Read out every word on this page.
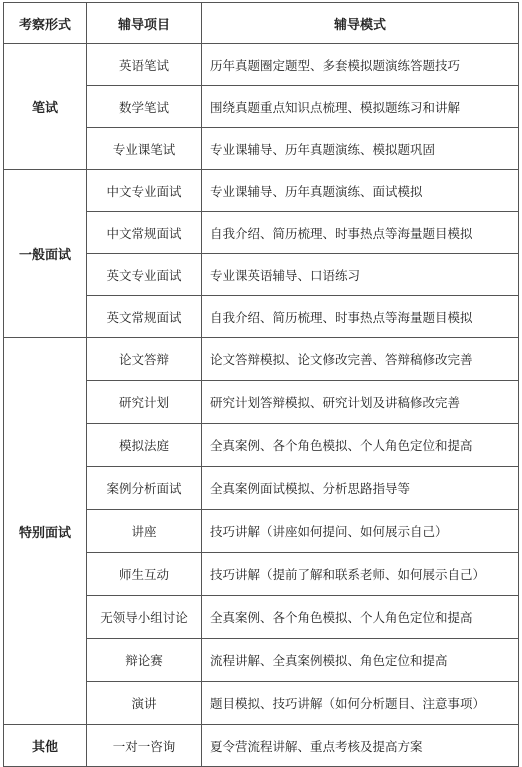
考察形式	辅导项目	辅导模式
笔试	英语笔试	历年真题圈定题型、多套模拟题演练答题技巧
	数学笔试	围绕真题重点知识点梳理、模拟题练习和讲解
	专业课笔试	专业课辅导、历年真题演练、模拟题巩固
一般面试	中文专业面试	专业课辅导、历年真题演练、面试模拟
	中文常规面试	自我介绍、简历梳理、时事热点等海量题目模拟
	英文专业面试	专业课英语辅导、口语练习
	英文常规面试	自我介绍、简历梳理、时事热点等海量题目模拟
特别面试	论文答辩	论文答辩模拟、论文修改完善、答辩稿修改完善
	研究计划	研究计划答辩模拟、研究计划及讲稿修改完善
	模拟法庭	全真案例、各个角色模拟、个人角色定位和提高
	案例分析面试	全真案例面试模拟、分析思路指导等
	讲座	技巧讲解（讲座如何提问、如何展示自己）
	师生互动	技巧讲解（提前了解和联系老师、如何展示自己）
	无领导小组讨论	全真案例、各个角色模拟、个人角色定位和提高
	辩论赛	流程讲解、全真案例模拟、角色定位和提高
	演讲	题目模拟、技巧讲解（如何分析题目、注意事项）
其他	一对一咨询	夏令营流程讲解、重点考核及提高方案
